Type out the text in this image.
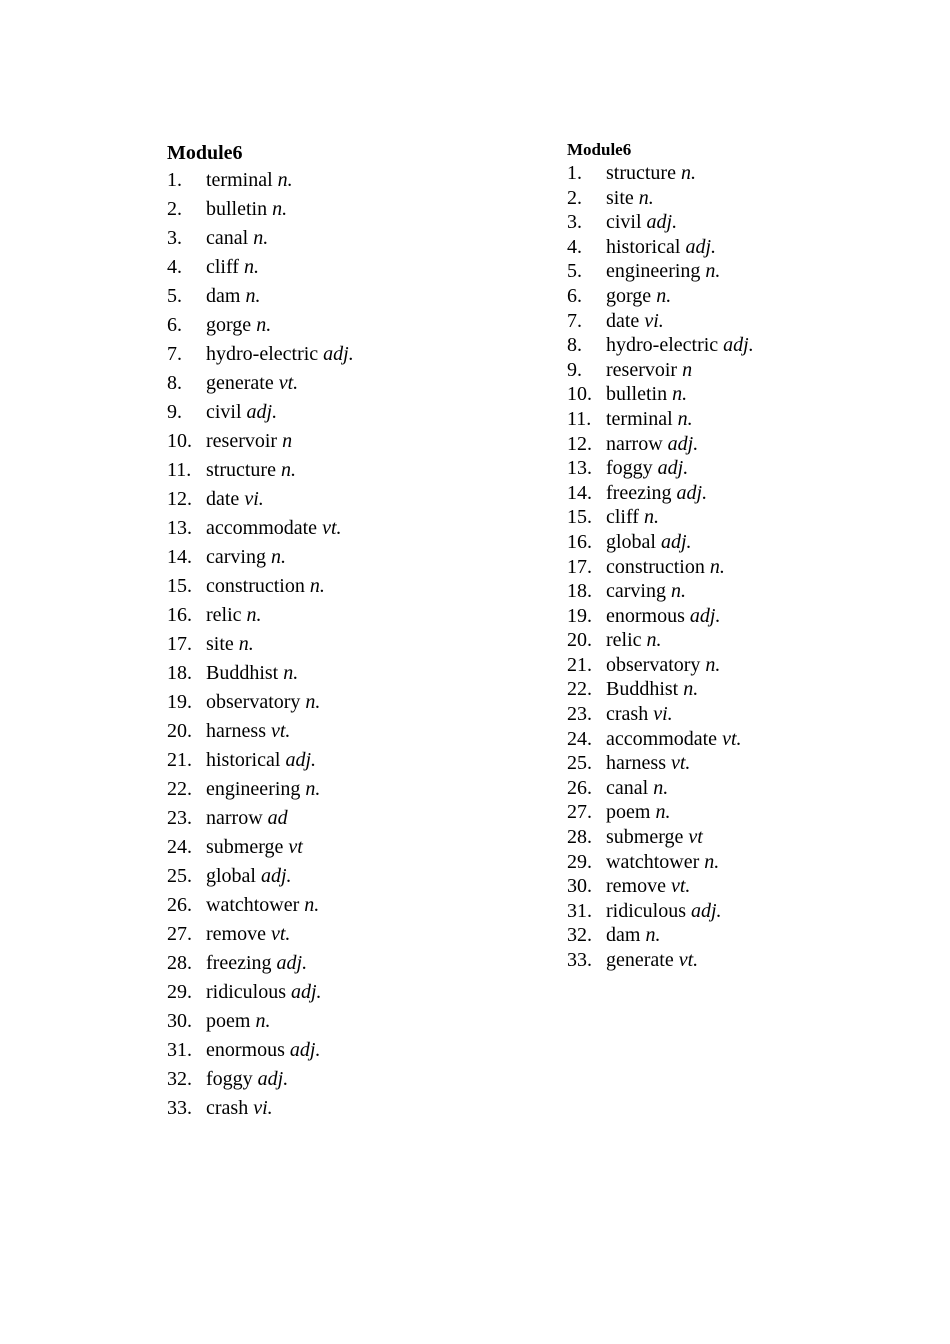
Module6
1.	terminal
n.
2.	bulletin
n.
3.	canal
n.
4.	cliff
n.
5.	dam
n.
6.	gorge
n.
7.	hydro-electric
adj.
8.	generate
vt.
9.	civil
adj.
10. reservoir
n
11. structure
n.
12. date
vi.
13. accommodate
vt.
14. carving
n.
15. construction
n.
16. relic
n.
17. site
n.
18. Buddhist
n.
19. observatory
n.
20. harness
vt.
21. historical
adj.
22. engineering
n.
23. narrow
ad
24. submerge
vt
25. global
adj.
26. watchtower
n.
27. remove
vt.
28. freezing
adj.
29. ridiculous
adj.
30. poem
n.
31. enormous
adj.
32. foggy
adj.
33. crash
vi.
Module6
1.	structure
n.
2.	site
n.
3.	civil
adj.
4.	historical
adj.
5.	engineering
n.
6.	gorge
n.
7.	date
vi.
8.	hydro-electric
adj.
9.	reservoir
n
10. bulletin
n.
11. terminal
n.
12. narrow
adj.
13. foggy
adj.
14. freezing
adj.
15. cliff
n.
16. global
adj.
17. construction
n.
18. carving
n.
19. enormous
adj.
20. relic
n.
21. observatory
n.
22. Buddhist
n.
23. crash
vi.
24. accommodate
vt.
25. harness
vt.
26. canal
n.
27. poem
n.
28. submerge
vt
29. watchtower
n.
30. remove
vt.
31. ridiculous
adj.
32. dam
n.
33. generate
vt.
